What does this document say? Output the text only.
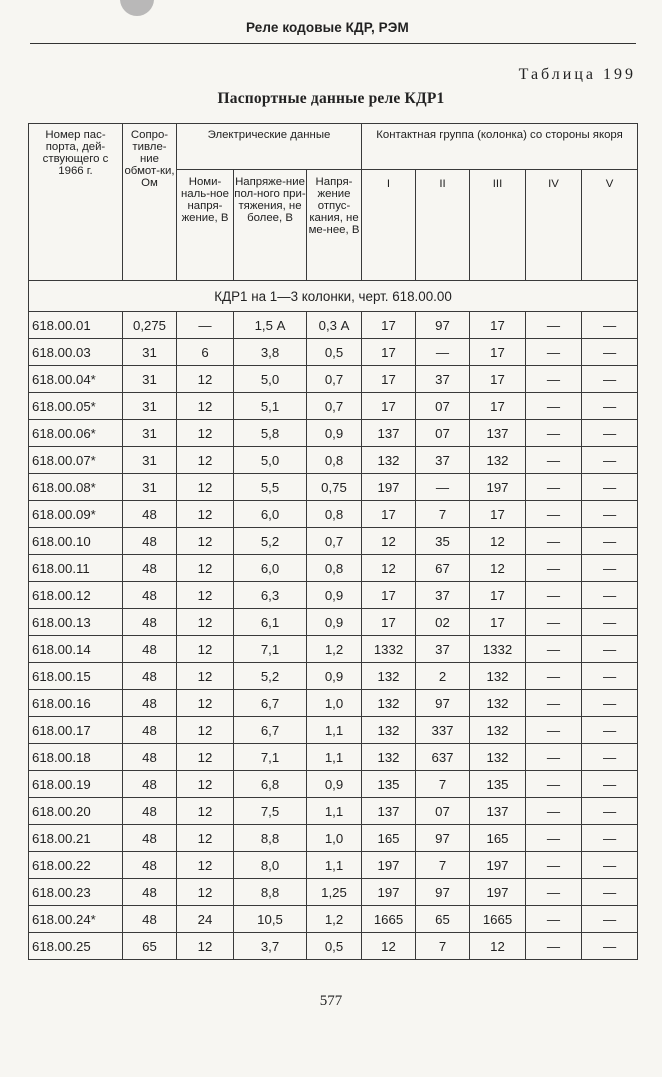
Реле кодовые КДР, РЭМ
Таблица 199
Паспортные данные реле КДР1
Номер пас-порта, дей-ствующего с 1966 г.	Сопро-тивле-ние обмот-ки, Ом	Электрические данные			Контактная группа (колонка) со стороны якоря				
		Номи-наль-ное напря-жение, В	Напряже-ние пол-ного при-тяжения, не более, В	Напря-жение отпус-кания, не ме-нее, В	I	II	III	IV	V
КДР1 на 1—3 колонки, черт. 618.00.00									
618.00.01	0,275	—	1,5 А	0,3 А	17	97	17	—	—
618.00.03	31	6	3,8	0,5	17	—	17	—	—
618.00.04*	31	12	5,0	0,7	17	37	17	—	—
618.00.05*	31	12	5,1	0,7	17	07	17	—	—
618.00.06*	31	12	5,8	0,9	137	07	137	—	—
618.00.07*	31	12	5,0	0,8	132	37	132	—	—
618.00.08*	31	12	5,5	0,75	197	—	197	—	—
618.00.09*	48	12	6,0	0,8	17	7	17	—	—
618.00.10	48	12	5,2	0,7	12	35	12	—	—
618.00.11	48	12	6,0	0,8	12	67	12	—	—
618.00.12	48	12	6,3	0,9	17	37	17	—	—
618.00.13	48	12	6,1	0,9	17	02	17	—	—
618.00.14	48	12	7,1	1,2	1332	37	1332	—	—
618.00.15	48	12	5,2	0,9	132	2	132	—	—
618.00.16	48	12	6,7	1,0	132	97	132	—	—
618.00.17	48	12	6,7	1,1	132	337	132	—	—
618.00.18	48	12	7,1	1,1	132	637	132	—	—
618.00.19	48	12	6,8	0,9	135	7	135	—	—
618.00.20	48	12	7,5	1,1	137	07	137	—	—
618.00.21	48	12	8,8	1,0	165	97	165	—	—
618.00.22	48	12	8,0	1,1	197	7	197	—	—
618.00.23	48	12	8,8	1,25	197	97	197	—	—
618.00.24*	48	24	10,5	1,2	1665	65	1665	—	—
618.00.25	65	12	3,7	0,5	12	7	12	—	—
577
